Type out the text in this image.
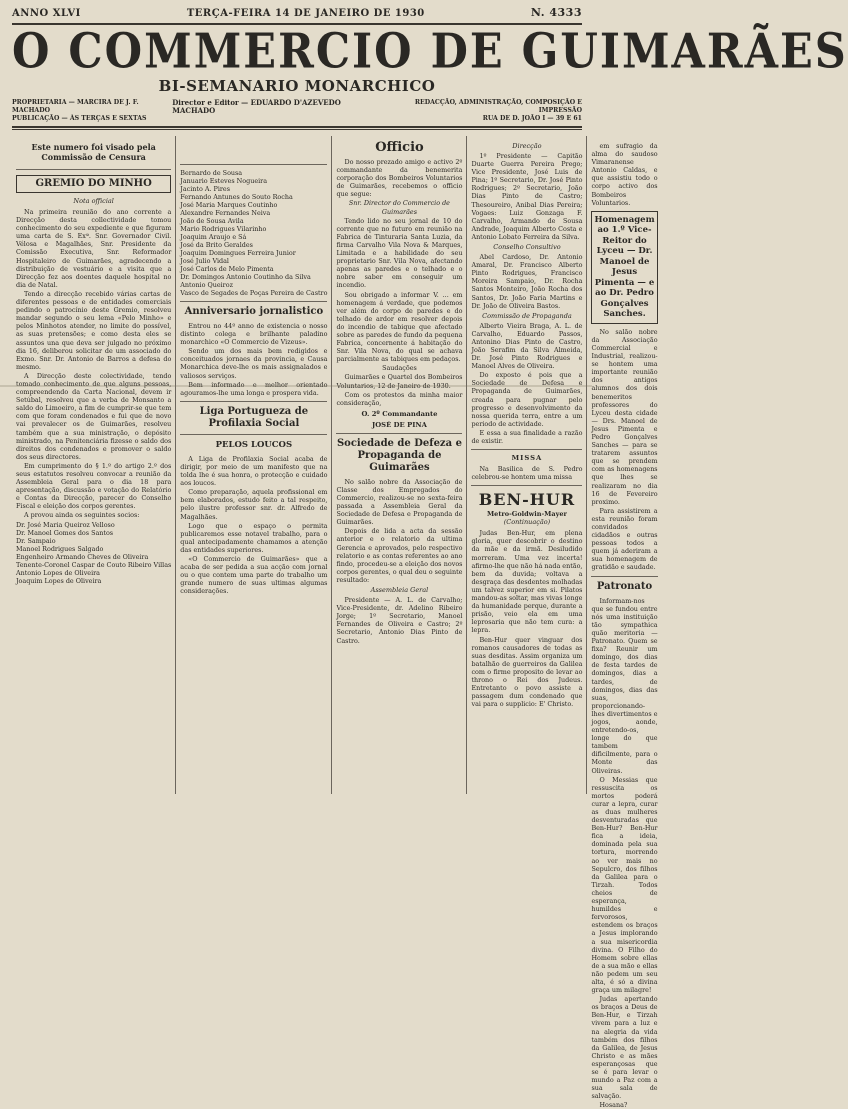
ANNO XLVI	TERÇA-FEIRA 14 DE JANEIRO DE 1930	N. 4333
O COMMERCIO DE GUIMARÃES
BI-SEMANARIO MONARCHICO
PROPRIETARIA — MARCIRA DE J. F. MACHADO
PUBLICAÇÃO — ÀS TERÇAS E SEXTAS
Director e Editor — EDUARDO D'AZEVEDO MACHADO
REDACÇÃO, ADMINISTRAÇÃO, COMPOSIÇÃO E IMPRESSÃO
RUA DE D. JOÃO I — 39 E 61
Este numero foi visado pela Commissão de Censura
GREMIO DO MINHO
Nota official

Na primeira reunião do ano corrente a Direcção desta collectividade tomou conhecimento do seu expediente e que figuram uma carta de S. Exª. Snr. Governador Civil. Vélosa e Magalhães, Snr. Presidente da Comissão Executiva, Snr. Reformador Hospitaleiro de Guimarães, agradecendo a distribuição de vestuário e a visita que a Direcção fez aos doentes daquele hospital no dia de Natal.

Tendo a direcção recebido várias cartas de diferentes pessoas e de entidades comerciais pedindo o patrocínio deste Gremio, resolveu mandar segundo o seu lema «Pelo Minho» e pelos Minhotos atender, no limite do possível, as suas pretensões; e como desta eles se assuntos una que deva ser julgado no próximo dia 16, deliberou solicitar de um associado do Exmo. Snr. Dr. Antonio de Barros a defesa do mesmo.

A Direcção deste colectividade, tendo tomado conhecimento de que alguns pessoas, compreendendo da Carta Nacional, devem ir Setúbal, resolveu que a verba de Monsanto a saldo do Limoeiro, a fim de cumprir-se que tem com que foram condenados e fui que de novo vai prevalecer os de Guimarães, resolveu também que a sua ministração, o depósito ministrado, na Penitenciária fizesse o saldo dos direitos dos condenados e promover o saldo dos seus directores.

Em cumprimento do § 1.º do artigo 2.º dos seus estatutos resolveu convocar a reunião da Assembleia Geral para o dia 18 para apresentação, discussão e votação do Relatório e Contas da Direcção, parecer do Conselho Fiscal e eleição dos corpos gerentes.

A provou ainda os seguintes socios:

Dr. José Maria Queiroz Velloso
Dr. Manoel Gomes dos Santos
Dr. Sampaio
Manoel Rodrigues Salgado
Engenheiro Armando Cheves de Oliveira
Tenente-Coronel Caspar de Couto Ribeiro Villas
Antonio Lopes de Oliveira
Joaquim Lopes de Oliveira
Bernardo de Sousa
Januario Esteves Nogueira
Jacinto A. Pires
Fernando Antunes do Souto Rocha
José Maria Marques Coutinho
Alexandre Fernandes Neiva
João de Sousa Avila
Mario Rodrigues Vilarinho
Joaquim Araujo e Sá
José da Brito Geraldes
Joaquim Domingues Ferreira Junior
José Julio Vidal
José Carlos de Melo Pimenta
Dr. Domingos Antonio Coutinho da Silva
Antonio Queiroz
Vasco de Segades de Poças Pereira de Castro
Anniversario jornalistico

Entrou no 44º anno de existencia o nosso distinto colega e brilhante paladino monarchico «O Commercio de Vizeus».

Sendo um dos mais bem redigidos e conceituados jornaes da provincia, e Causa Monarchica deve-lhe os mais assignalados e valiosos serviços.

Bem informado e melhor orientado agouramos-lhe uma longa e prospera vida.

Liga Portugueza de Profilaxia Social
PELOS LOUCOS

A Liga de Profilaxia Social acaba de dirigir, por meio de um manifesto que na tolda lhe é sua honra, o protecção e cuidado aos loucos.

Como preparação, aquela profissional em bem elaborados, estudo feito a tal respeito, pelo ilustre professor snr. dr. Alfredo de Magalhães.

Logo que o espaço o permita publicaremos esse notavel trabalho, para o qual antecipadamente chamamos a atenção das entidades superiores.

«O Commercio de Guimarães» que a acaba de ser pedida a sua acção com jornal ou o que contem uma parte do trabalho um grande numero de suas ultimas algumas considerações.

Officio

Do nosso prezado amigo e activo 2º commandante da benemerita corporação dos Bombeiros Voluntarios de Guimarães, recebemos o officio que segue:

Snr. Director do Commercio de Guimarães

Tendo lido no seu jornal de 10 do corrente que no futuro em reunião na Fabrica de Tinturaria Santa Luzia, da firma Carvalho Vila Nova & Marques, Limitada e a habilidade do seu proprietario Snr. Vila Nova, afectando apenas as paredes e o telhado e o nobre saber em conseguir um incendio.

Sou obrigado a informar V. ... em homenagem á verdade, que podemos ver além do corpo de paredes e do telhado de ardor em resolver depois do incendio de tabique que afectado sobre as paredes de fundo da pequena Fabrica, concernente á habitação do Snr. Vila Nova, do qual se achava parcialmente as tabiques em pedaços.

Saudações

Guimarães e Quartel dos Bombeiros Voluntarios, 12 de Janeiro de 1930.

Com os protestos da minha maior consideração,

O. 2º Commandante
JOSÉ DE PINA
Sociedade de Defeza e Propaganda de Guimarães

No salão nobre da Associação de Classe dos Empregados do Commercio, realizou-se no sexta-feira passada a Assembleia Geral da Sociedade de Defesa e Propaganda de Guimarães.

Depois de lida a acta da sessão anterior e o relatorio da ultima Gerencia e aprovados, pelo respectivo relatorio e as contas referentes ao ano findo, procedeu-se a eleição dos novos corpos gerentes, o qual deu o seguinte resultado:

Assembleia Geral

Presidente — A. L. de Carvalho; Vice-Presidente, dr. Adelino Ribeiro Jorge; 1º Secretario, Manoel Fernandes de Oliveira e Castro; 2º Secretario, Antonio Dias Pinto de Castro.

Direcção

1º Presidente — Capitão Duarte Guerra Pereira Prego; Vice Presidente, José Luis de Pina; 1º Secretario, Dr. José Pinto Rodrigues; 2º Secretario, João Dias Pinto de Castro; Thesoureiro, Anibal Dias Pereira; Vogaes: Luiz Gonzaga F. Carvalho, Armando de Sousa Andrade, Joaquim Alberto Costa e Antonio Lobato Ferreira da Silva.

Conselho Consultivo

Abel Cardoso, Dr. Antonio Amaral, Dr. Francisco Alberto Pinto Rodrigues, Francisco Moreira Sampaio, Dr. Rocha Santos Monteiro, João Rocha dos Santos, Dr. João Faria Martins e Dr. João de Oliveira Bastos.

Commissão de Propaganda

Alberto Vieira Braga, A. L. de Carvalho, Eduardo Passos, Antonino Dias Pinto de Castro, João Serafim da Silva Almeida, Dr. José Pinto Rodrigues e Manoel Alves de Oliveira.

Do exposto é pois que a Sociedade de Defesa e Propaganda de Guimarães, creada para pugnar pelo progresso e desenvolvimento da nossa querida terra, entre a um periodo de actividade.

E essa a sua finalidade a razão de existir.

MISSA

Na Basilica de S. Pedro celebrou-se hontem uma missa

BEN-HUR
Metro-Goldwin-Mayer
(Continuação)

Judas Ben-Hur, em plena gloria, quer descobrir o destino da mãe e da irmã. Desiludido morreram. Uma vez incerta! afirmo-lhe que não há nada então, bem da duvida; voltava a desgraça das desdentes molhadas um talvez superior em si. Pilatos mandou-as soltar, mas vivas longe da humanidade perque, durante a prisão, veio ela em uma leprosaria que não tem cura: a lepra.

Ben-Hur quer vinguar dos romanos causadores de todas as suas desditas. Assim organiza um batalhão de guerreiros da Galilea com o firme proposito de levar ao throno o Rei dos Judeus. Entretanto o povo assiste a passagem dum condenado que vai para o supplicio: E' Christo.

em sufragio da alma do saudoso Vimaranense Antonio Caldas, e que assistiu todo o corpo activo dos Bombeiros Voluntarios.

Homenagem ao 1.º Vice-Reitor do Lyceu — Dr. Manoel de Jesus Pimenta — e ao Dr. Pedro Gonçalves Sanches.

No salão nobre da Associação Commercial e Industrial, realizou-se hontem uma importante reunião dos antigos alumnos dos dois benemeritos professores do Lyceu desta cidade — Drs. Manoel de Jesus Pimenta e Pedro Gonçalves Sanches — para se tratarem assuntos que se prendem com as homenagens que lhes se realizaram no dia 16 de Fevereiro proximo.

Para assistirem a esta reunião foram convidados cidadãos e outras pessoas todos a quem já aderiram a sua homenagem de gratidão e saudade.

Patronato

Informam-nos que se fundou entre nós uma instituição tão sympathica quão meritoria — Patronato. Quem se fixa? Reunir um domingo, dos dias de festa tardes de domingos, dias a tardes, de domingos, dias das suas, proporcionando-lhes divertimentos e jogos, aonde, entretendo-os, longe do que tambem dificilmente, para o Monte das Oliveiras.

O Messias que ressuscita os mortos poderá curar a lepra, curar as duas mulheres desventuradas que Ben-Hur? Ben-Hur fica a ideia, dominada pela sua tortura, morrendo ao ver mais no Sepulcro, dos filhos da Galilea para o Tirzah. Todos cheios de esperança, humildes e fervorosos, estendem os braços a Jesus implorando a sua misericordia divina. O Filho do Homem sobre ellas de a sua mão e ellas não pedem um seu alta, é só a divina graça um milagre!

Judas apertando os braços a Deus de Ben-Hur, e Tirzah vivem para a luz e na alegria da vida também dos filhos da Galilea, de Jesus Christo e as mães esperançosas que se é para levar o mundo a Paz com a sua sala de salvação.

Hosana?
